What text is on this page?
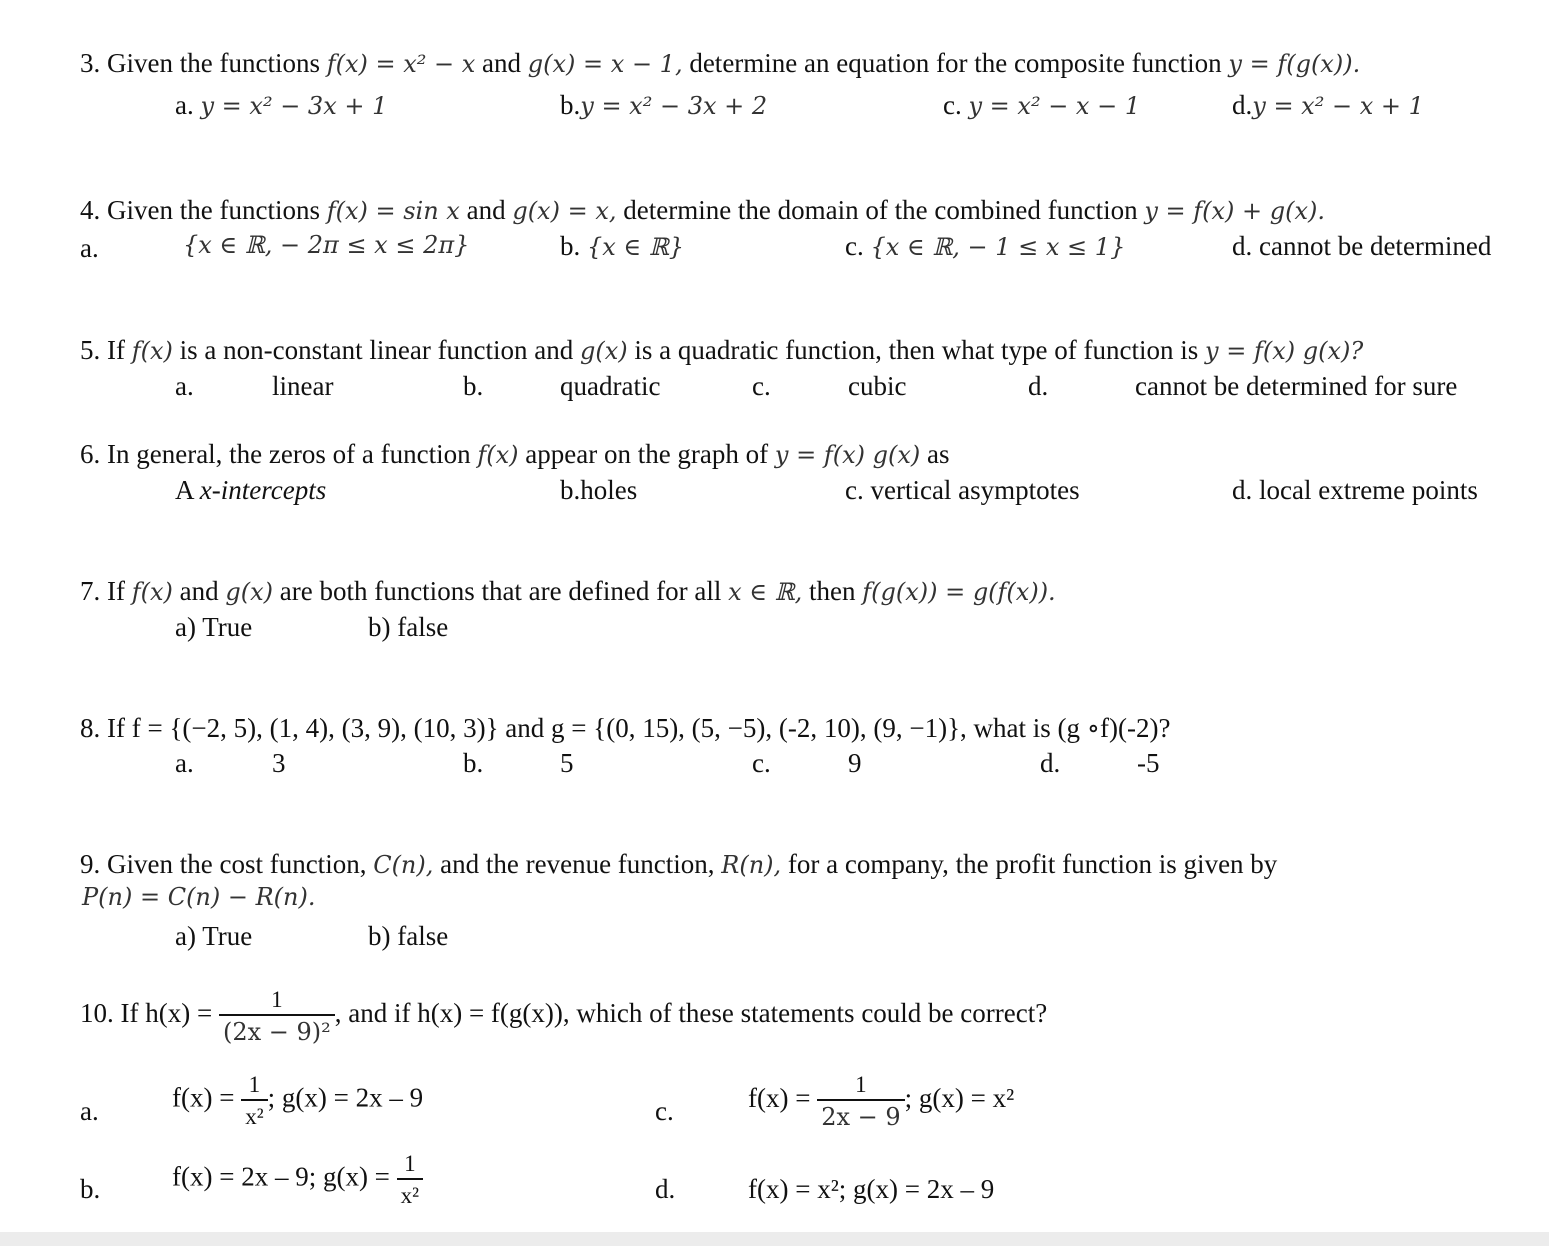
3. Given the functions f(x) = x² − x and g(x) = x − 1, determine an equation for the composite function y = f(g(x)).
a. y = x² − 3x + 1	b.y = x² − 3x + 2	c. y = x² − x − 1	d.y = x² − x + 1
4. Given the functions f(x) = sin x and g(x) = x, determine the domain of the combined function y = f(x) + g(x).
a.	{x ∈ ℝ, − 2π ≤ x ≤ 2π}	b. {x ∈ ℝ}	c. {x ∈ ℝ, − 1 ≤ x ≤ 1}	d. cannot be determined
5. If f(x) is a non-constant linear function and g(x) is a quadratic function, then what type of function is y = f(x) g(x)?
a.	linear	b.	quadratic	c.	cubic	d.	cannot be determined for sure
6. In general, the zeros of a function f(x) appear on the graph of y = f(x) g(x) as
A x-intercepts	b.holes	c. vertical asymptotes	d. local extreme points
7. If f(x) and g(x) are both functions that are defined for all x ∈ ℝ, then f(g(x)) = g(f(x)).
a) True	b) false
8. If f = {(−2, 5), (1, 4), (3, 9), (10, 3)} and g = {(0, 15), (5, −5), (-2, 10), (9, −1)}, what is (g ∘f)(-2)?
a.	3	b.	5	c.	9	d.	-5
9. Given the cost function, C(n), and the revenue function, R(n), for a company, the profit function is given by
P(n) = C(n) − R(n).
a) True	b) false
10. If $h(x) = \frac{1}{\text{(2x − 9)²}}$ , and if h(x) = f(g(x)), which of these statements could be correct?
a.	$f(x) = \frac{1}{\text{x²}}$ ; g(x) = 2x – 9	c.	$f(x) = \frac{1}{2x - 9}$ ; g(x) = x²
b.	f(x) = 2x – 9; $g(x) = \frac{1}{\text{x²}}$	d.	f(x) = x²; g(x) = 2x – 9
